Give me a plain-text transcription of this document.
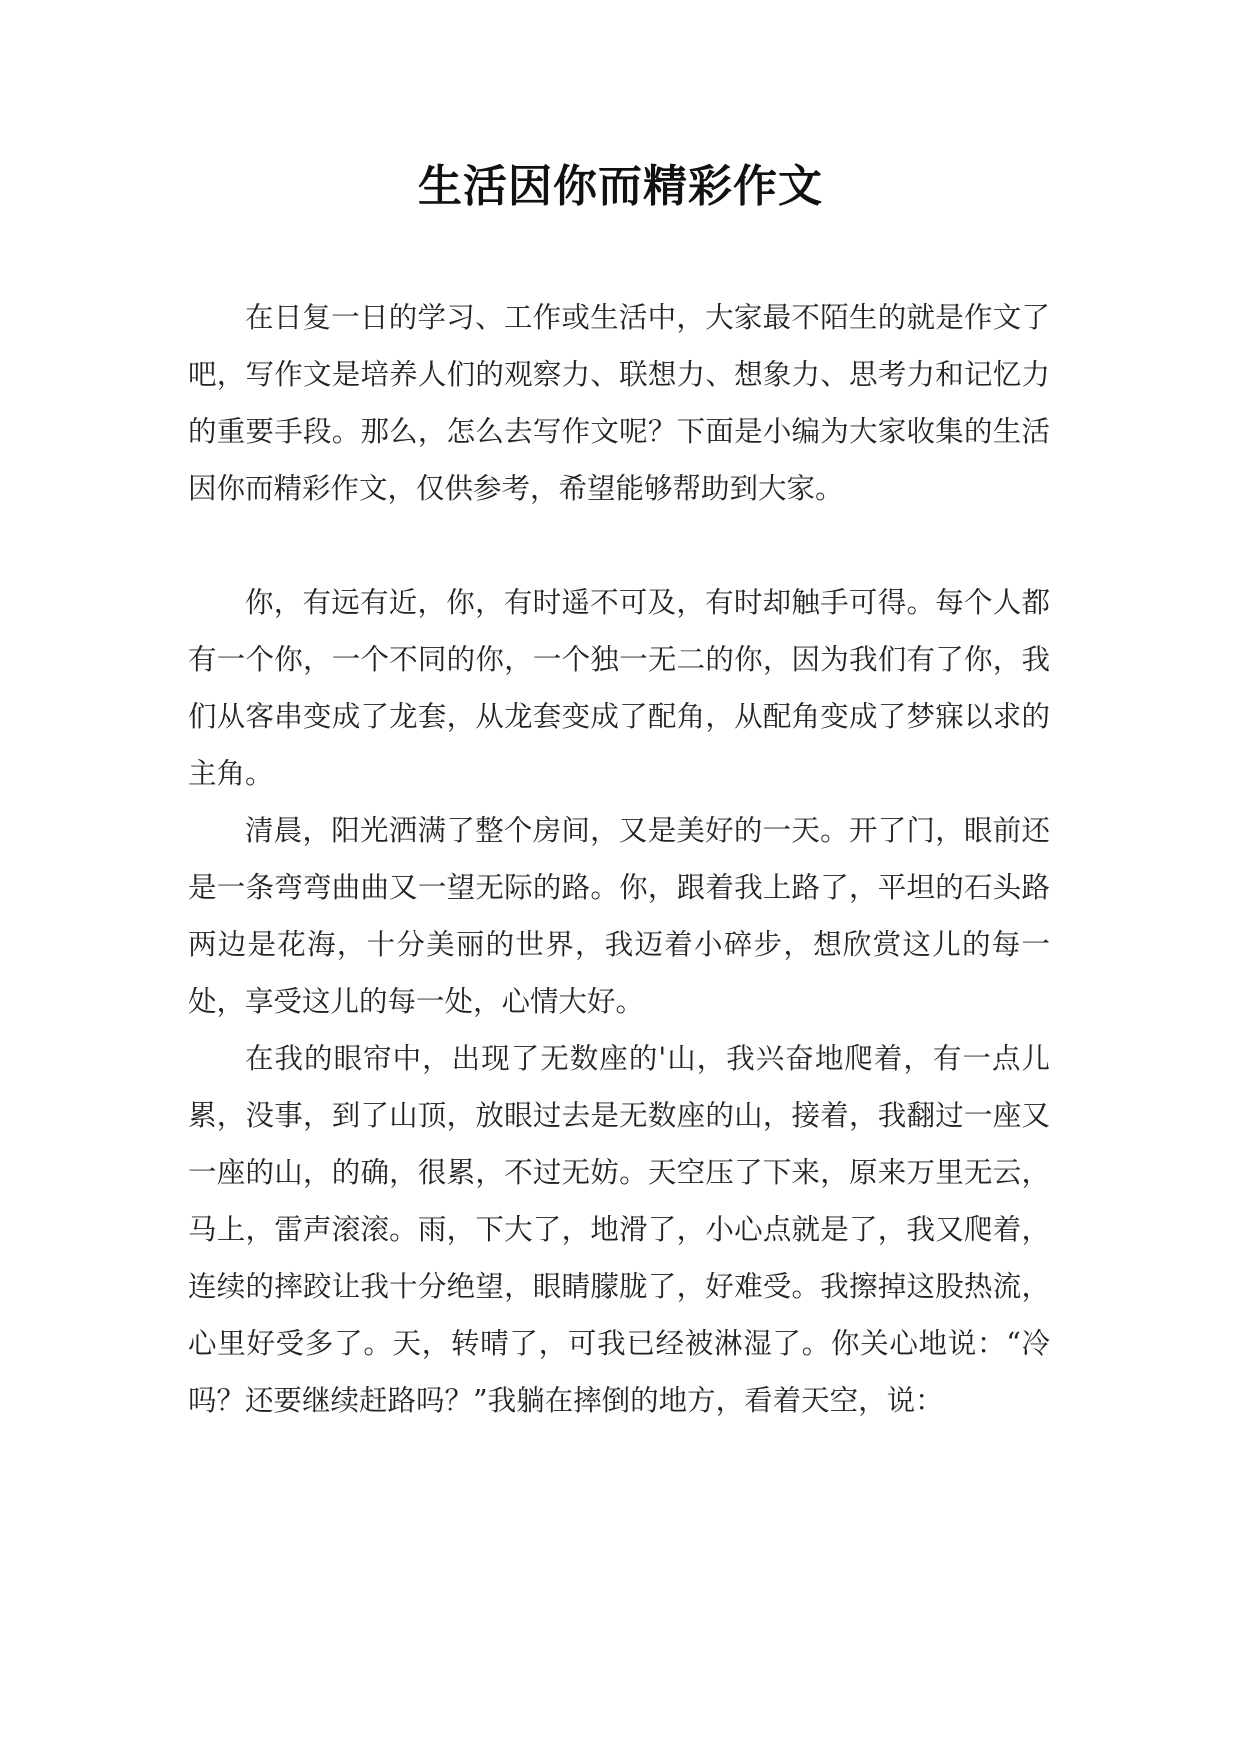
生活因你而精彩作文

在日复一日的学习、工作或生活中，大家最不陌生的就是作文了吧，写作文是培养人们的观察力、联想力、想象力、思考力和记忆力的重要手段。那么，怎么去写作文呢？下面是小编为大家收集的生活因你而精彩作文，仅供参考，希望能够帮助到大家。

你，有远有近，你，有时遥不可及，有时却触手可得。每个人都有一个你，一个不同的你，一个独一无二的你，因为我们有了你，我们从客串变成了龙套，从龙套变成了配角，从配角变成了梦寐以求的主角。

清晨，阳光洒满了整个房间，又是美好的一天。开了门，眼前还是一条弯弯曲曲又一望无际的路。你，跟着我上路了，平坦的石头路两边是花海，十分美丽的世界，我迈着小碎步，想欣赏这儿的每一处，享受这儿的每一处，心情大好。

在我的眼帘中，出现了无数座的'山，我兴奋地爬着，有一点儿累，没事，到了山顶，放眼过去是无数座的山，接着，我翻过一座又一座的山，的确，很累，不过无妨。天空压了下来，原来万里无云，马上，雷声滚滚。雨，下大了，地滑了，小心点就是了，我又爬着，连续的摔跤让我十分绝望，眼睛朦胧了，好难受。我擦掉这股热流，心里好受多了。天，转晴了，可我已经被淋湿了。你关心地说：“冷吗？还要继续赶路吗？”我躺在摔倒的地方，看着天空，说：
